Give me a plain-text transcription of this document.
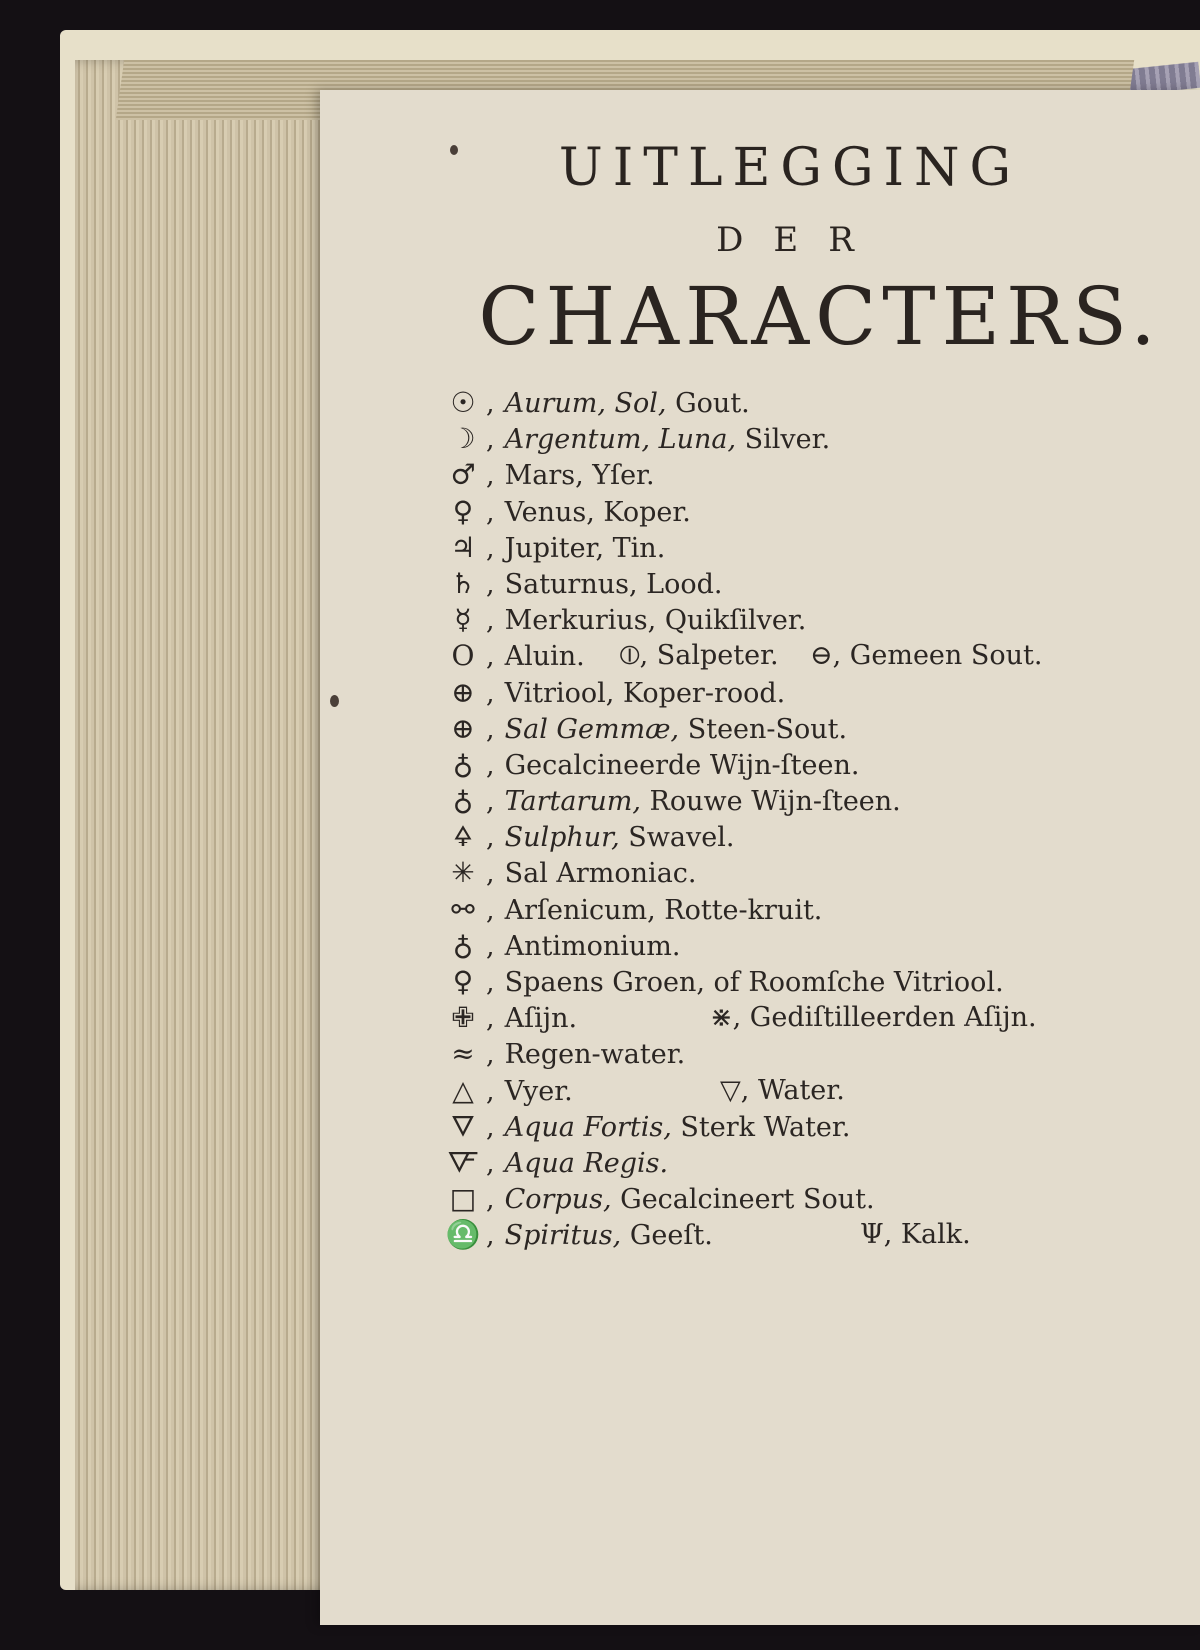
UITLEGGING
DER
CHARACTERS.
☉ , Aurum, Sol, Gout.
☽ , Argentum, Luna, Silver.
♂ , Mars, Yſer.
♀ , Venus, Koper.
♃ , Jupiter, Tin.
♄ , Saturnus, Lood.
☿ , Merkurius, Quikſilver.
O , Aluin. ⦶, Salpeter. ⊖, Gemeen Sout.
⊕ , Vitriool, Koper-rood.
⊕ , Sal Gemmæ, Steen-Sout.
♁ , Gecalcineerde Wijn-ſteen.
♁ , Tartarum, Rouwe Wijn-ſteen.
🜍 , Sulphur, Swavel.
✳ , Sal Armoniac.
⚯ , Arſenicum, Rotte-kruit.
♁ , Antimonium.
♀ , Spaens Groen, of Roomſche Vitriool.
✙ , Aſijn.	⋇, Gediſtilleerden Aſijn.
≈ , Regen-water.
△ , Vyer.	▽, Water.
🜄 , Aqua Fortis, Sterk Water.
🜅 , Aqua Regis.
□ , Corpus, Gecalcineert Sout.
♎ , Spiritus, Geeſt.	Ψ, Kalk.
